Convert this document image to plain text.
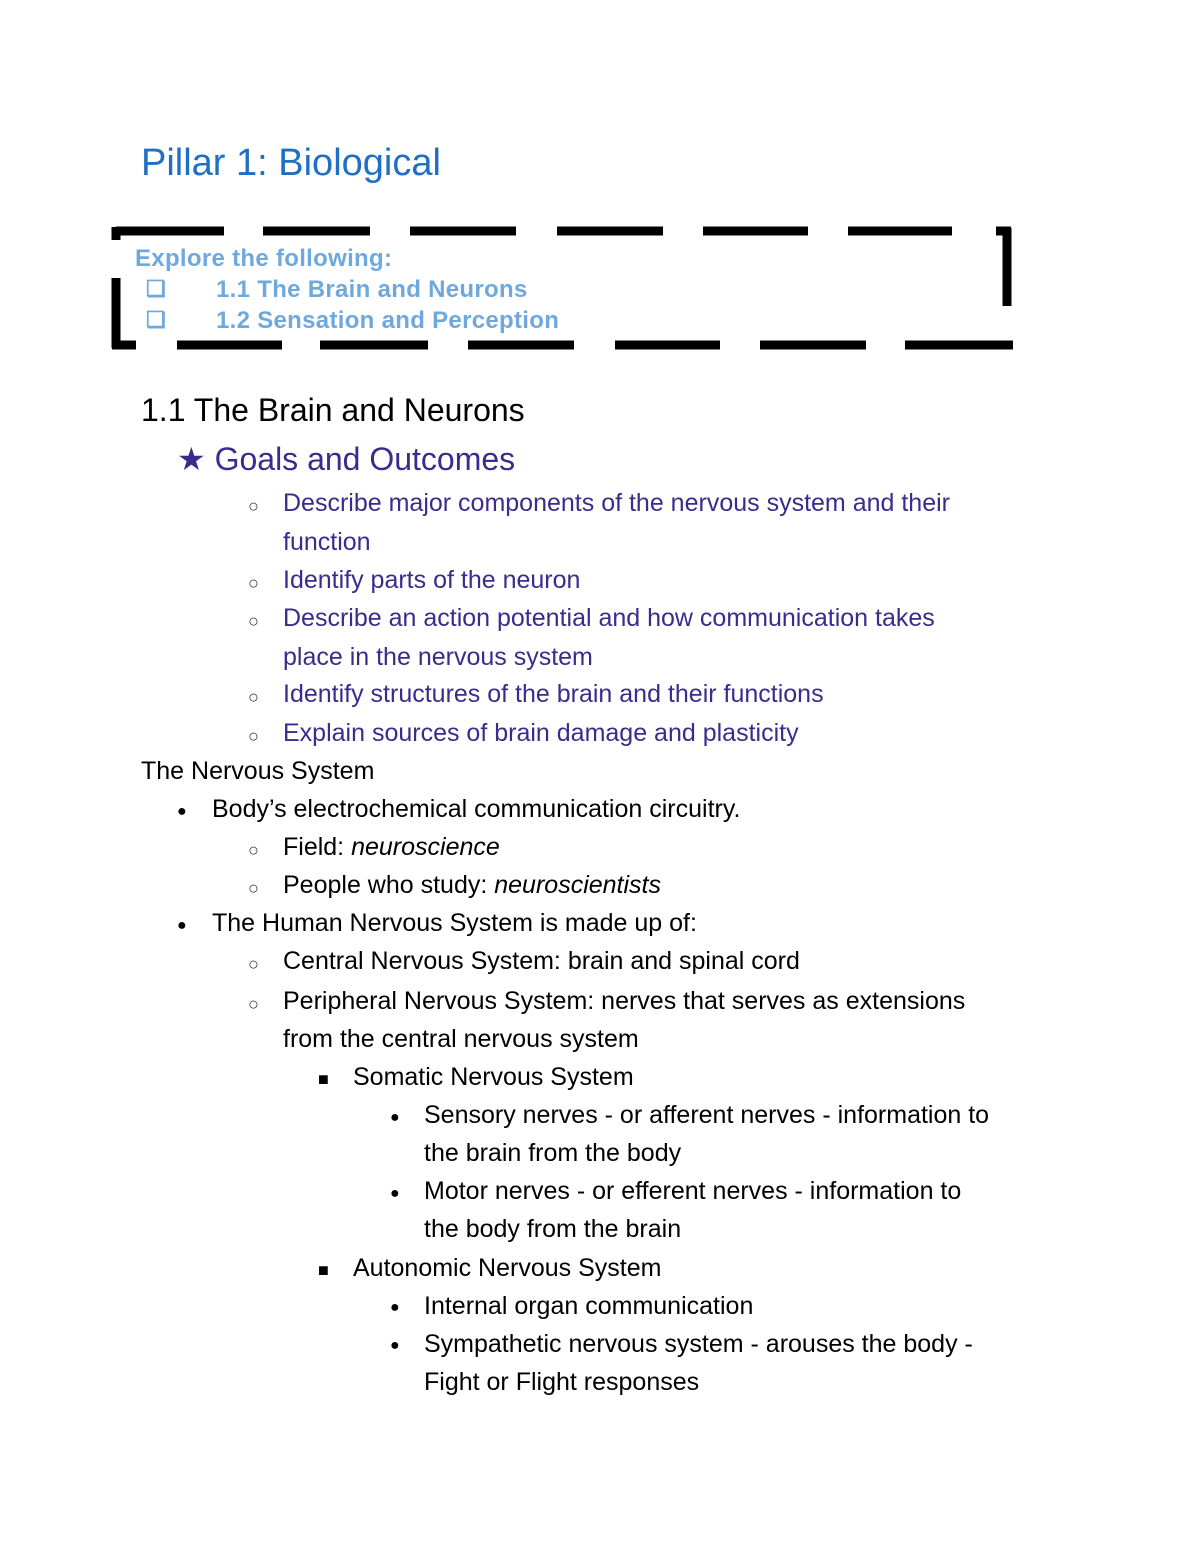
Pillar 1: Biological
Explore the following:
❏ 1.1 The Brain and Neurons
❏ 1.2 Sensation and Perception
1.1 The Brain and Neurons
★ Goals and Outcomes
○ Describe major components of the nervous system and their
function
○ Identify parts of the neuron
○ Describe an action potential and how communication takes
place in the nervous system
○ Identify structures of the brain and their functions
○ Explain sources of brain damage and plasticity
The Nervous System
● Body’s electrochemical communication circuitry.
○ Field: neuroscience
○ People who study: neuroscientists
● The Human Nervous System is made up of:
○ Central Nervous System: brain and spinal cord
○ Peripheral Nervous System: nerves that serves as extensions
from the central nervous system
■ Somatic Nervous System
● Sensory nerves - or afferent nerves - information to
the brain from the body
● Motor nerves - or efferent nerves - information to
the body from the brain
■ Autonomic Nervous System
● Internal organ communication
● Sympathetic nervous system - arouses the body -
Fight or Flight responses
